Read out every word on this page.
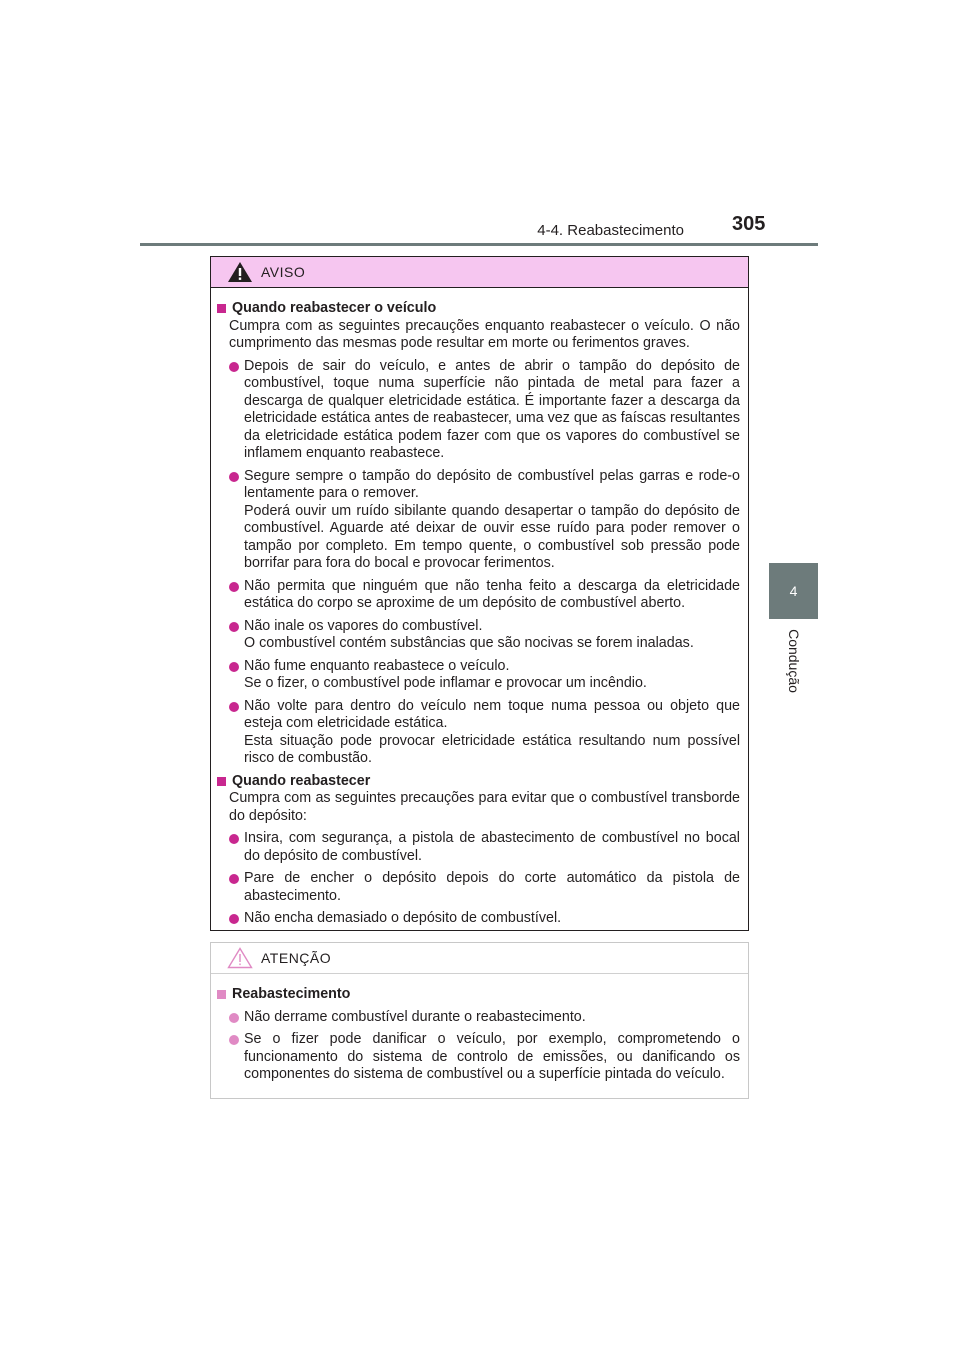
4-4. Reabastecimento 305
4
Condução
AVISO
Quando reabastecer o veículo
Cumpra com as seguintes precauções enquanto reabastecer o veículo. O não cumprimento das mesmas pode resultar em morte ou ferimentos graves.
Depois de sair do veículo, e antes de abrir o tampão do depósito de combustível, toque numa superfície não pintada de metal para fazer a descarga de qualquer eletricidade estática. É importante fazer a descarga da eletricidade estática antes de reabastecer, uma vez que as faíscas resultantes da eletricidade estática podem fazer com que os vapores do combustível se inflamem enquanto reabastece.
Segure sempre o tampão do depósito de combustível pelas garras e rode-o lentamente para o remover.
Poderá ouvir um ruído sibilante quando desapertar o tampão do depósito de combustível. Aguarde até deixar de ouvir esse ruído para poder remover o tampão por completo. Em tempo quente, o combustível sob pressão pode borrifar para fora do bocal e provocar ferimentos.
Não permita que ninguém que não tenha feito a descarga da eletricidade estática do corpo se aproxime de um depósito de combustível aberto.
Não inale os vapores do combustível.
O combustível contém substâncias que são nocivas se forem inaladas.
Não fume enquanto reabastece o veículo.
Se o fizer, o combustível pode inflamar e provocar um incêndio.
Não volte para dentro do veículo nem toque numa pessoa ou objeto que esteja com eletricidade estática.
Esta situação pode provocar eletricidade estática resultando num possível risco de combustão.
Quando reabastecer
Cumpra com as seguintes precauções para evitar que o combustível transborde do depósito:
Insira, com segurança, a pistola de abastecimento de combustível no bocal do depósito de combustível.
Pare de encher o depósito depois do corte automático da pistola de abastecimento.
Não encha demasiado o depósito de combustível.
ATENÇÃO
Reabastecimento
Não derrame combustível durante o reabastecimento.
Se o fizer pode danificar o veículo, por exemplo, comprometendo o funcionamento do sistema de controlo de emissões, ou danificando os componentes do sistema de combustível ou a superfície pintada do veículo.
